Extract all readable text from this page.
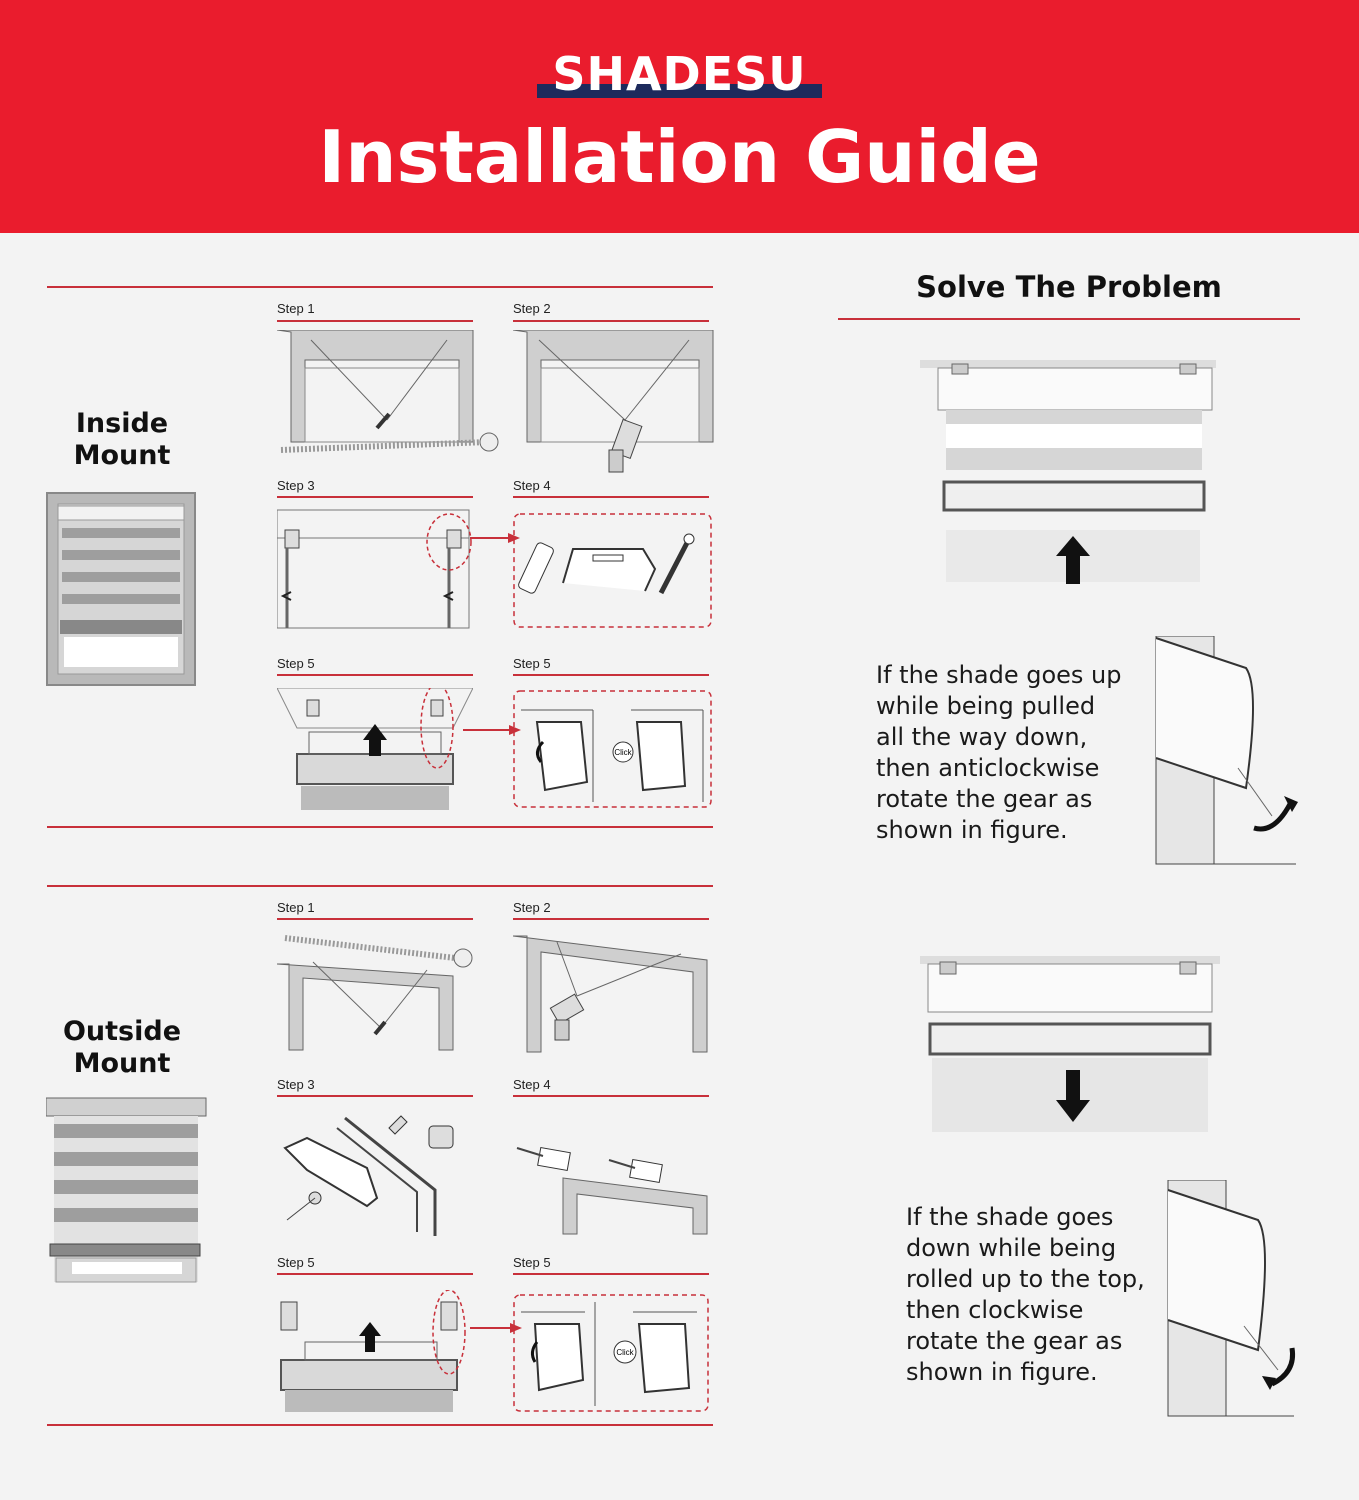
SHADESU
Installation Guide
Inside
Mount
Step 1	Step 2
Step 3	Step 4
Step 5	Step 5
Click
Outside
Mount
Step 1	Step 2
Step 3	Step 4
Step 5	Step 5
Click
Solve The Problem
If the shade goes up
while being pulled
all the way down,
then anticlockwise
rotate the gear as
shown in figure.
If the shade goes
down while being
rolled up to the top,
then clockwise
rotate the gear as
shown in figure.
